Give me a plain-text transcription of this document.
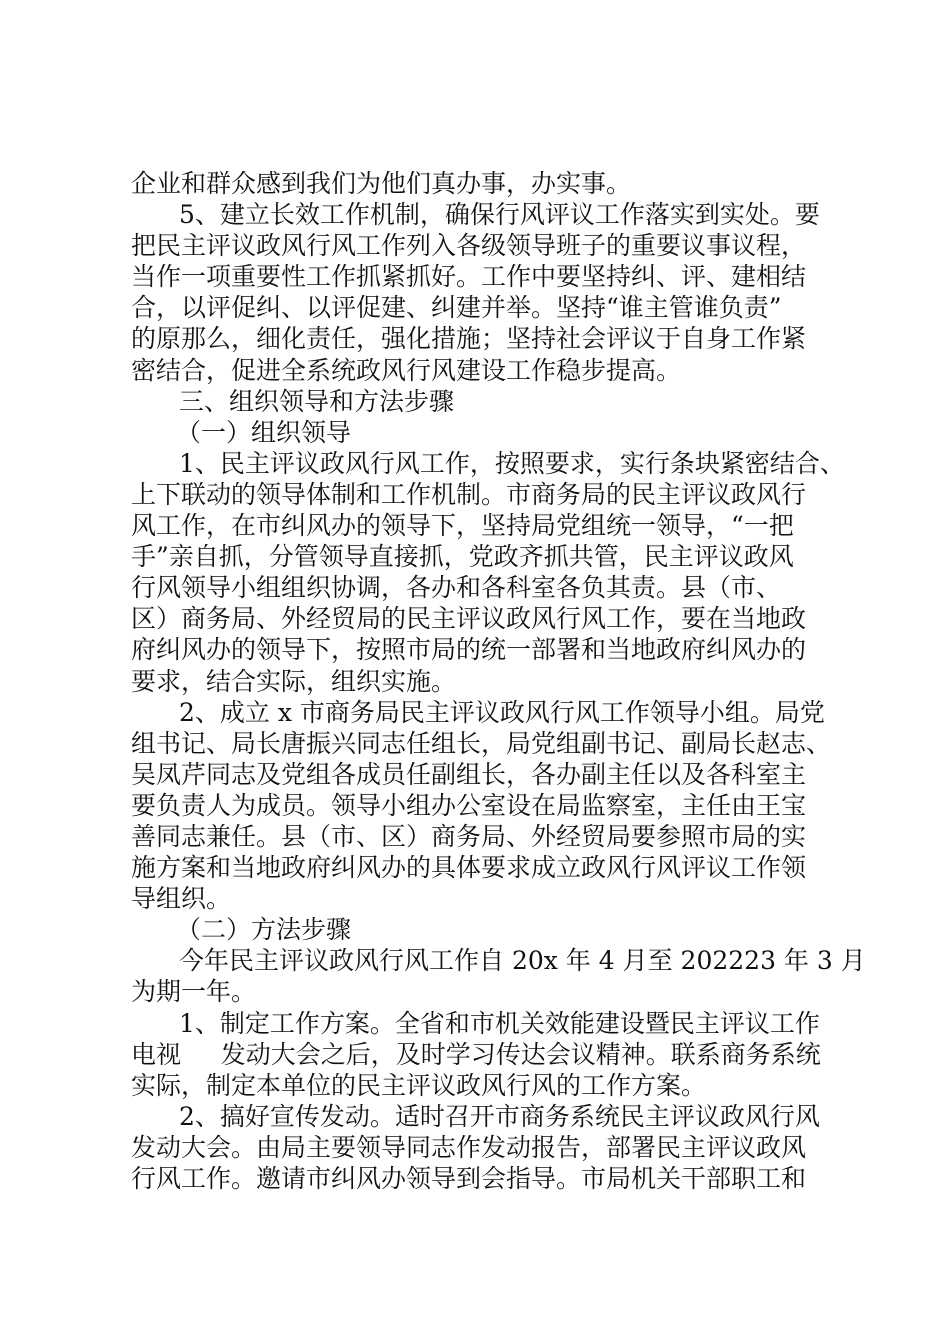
企业和群众感到我们为他们真办事，办实事。
5、建立长效工作机制，确保行风评议工作落实到实处。要
把民主评议政风行风工作列入各级领导班子的重要议事议程，
当作一项重要性工作抓紧抓好。工作中要坚持纠、评、建相结
合，以评促纠、以评促建、纠建并举。坚持“谁主管谁负责”
的原那么，细化责任，强化措施；坚持社会评议于自身工作紧
密结合，促进全系统政风行风建设工作稳步提高。
三、组织领导和方法步骤
（一）组织领导
1、民主评议政风行风工作，按照要求，实行条块紧密结合、
上下联动的领导体制和工作机制。市商务局的民主评议政风行
风工作，在市纠风办的领导下，坚持局党组统一领导，“一把
手”亲自抓，分管领导直接抓，党政齐抓共管，民主评议政风
行风领导小组组织协调，各办和各科室各负其责。县（市、
区）商务局、外经贸局的民主评议政风行风工作，要在当地政
府纠风办的领导下，按照市局的统一部署和当地政府纠风办的
要求，结合实际，组织实施。
2、成立 x 市商务局民主评议政风行风工作领导小组。局党
组书记、局长唐振兴同志任组长，局党组副书记、副局长赵志、
吴凤芹同志及党组各成员任副组长，各办副主任以及各科室主
要负责人为成员。领导小组办公室设在局监察室，主任由王宝
善同志兼任。县（市、区）商务局、外经贸局要参照市局的实
施方案和当地政府纠风办的具体要求成立政风行风评议工作领
导组织。
（二）方法步骤
今年民主评议政风行风工作自 20x 年 4 月至 202223 年 3 月
为期一年。
1、制定工作方案。全省和市机关效能建设暨民主评议工作
电视     发动大会之后，及时学习传达会议精神。联系商务系统
实际，制定本单位的民主评议政风行风的工作方案。
2、搞好宣传发动。适时召开市商务系统民主评议政风行风
发动大会。由局主要领导同志作发动报告，部署民主评议政风
行风工作。邀请市纠风办领导到会指导。市局机关干部职工和
